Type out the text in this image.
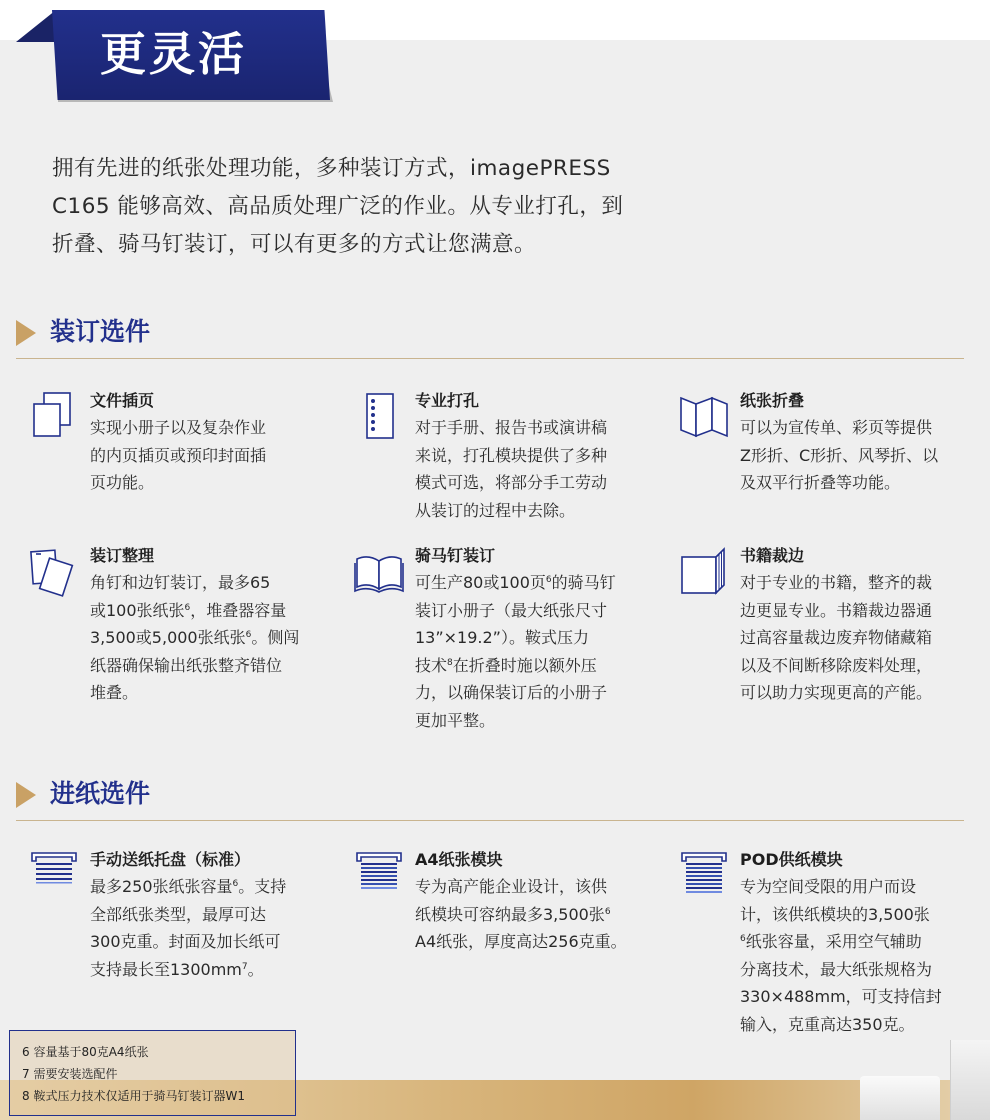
更灵活
拥有先进的纸张处理功能，多种装订方式，imagePRESS
C165 能够高效、高品质处理广泛的作业。从专业打孔，到
折叠、骑马钉装订，可以有更多的方式让您满意。
装订选件
文件插页
实现小册子以及复杂作业
的内页插页或预印封面插
页功能。
专业打孔
对于手册、报告书或演讲稿
来说，打孔模块提供了多种
模式可选，将部分手工劳动
从装订的过程中去除。
纸张折叠
可以为宣传单、彩页等提供
Z形折、C形折、风琴折、以
及双平行折叠等功能。
装订整理
角钉和边钉装订，最多65
或100张纸张$^6$，堆叠器容量
3,500或5,000张纸张$^6$。侧闯
纸器确保输出纸张整齐错位
堆叠。
骑马钉装订
可生产80或100页$^6$的骑马钉
装订小册子（最大纸张尺寸
13”×19.2”）。鞍式压力
技术$^8$在折叠时施以额外压
力，以确保装订后的小册子
更加平整。
书籍裁边
对于专业的书籍，整齐的裁
边更显专业。书籍裁边器通
过高容量裁边废弃物储藏箱
以及不间断移除废料处理，
可以助力实现更高的产能。
进纸选件
手动送纸托盘（标准）
最多250张纸张容量$^6$。支持
全部纸张类型，最厚可达
300克重。封面及加长纸可
支持最长至$1300mm^7$。
A4纸张模块
专为高产能企业设计，该供
纸模块可容纳最多3,500张$^6$
A4纸张，厚度高达256克重。
POD供纸模块
专为空间受限的用户而设
计，该供纸模块的3,500张
$^6$纸张容量，采用空气辅助
分离技术，最大纸张规格为
330×488mm，可支持信封
输入，克重高达350克。
6 容量基于80克A4纸张
7 需要安装选配件
8 鞍式压力技术仅适用于骑马钉装订器W1
